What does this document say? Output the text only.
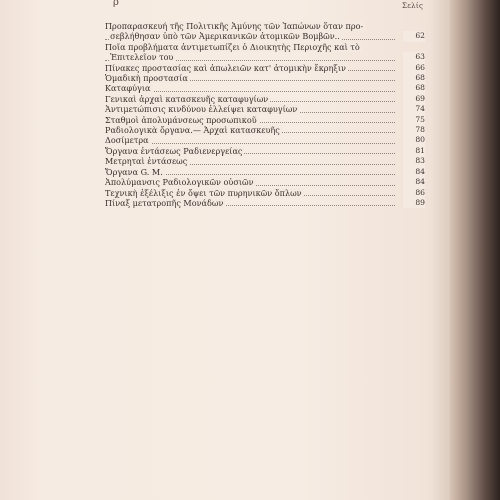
ρ	Σελίς
Προπαρασκευή τῆς Πολιτικῆς Ἀμύνης τῶν Ἰαπώνων ὅταν προ-
σεβλήθησαν ὑπὸ τῶν Ἀμερικανικῶν ἀτομικῶν Βομβῶν..	62
Ποῖα προβλήματα ἀντιμετωπίζει ὁ Διοικητὴς Περιοχῆς καὶ τὸ
Ἐπιτελεῖον του	63
Πίνακες προστασίας καὶ ἀπωλειῶν κατ' ἀτομικὴν ἔκρηξιν	66
Ὁμαδικὴ προστασία	68
Καταφύγια	68
Γενικαὶ ἀρχαὶ κατασκευῆς καταφυγίων	69
Ἀντιμετώπισις κινδύνου ἐλλείψει καταφυγίων	74
Σταθμοὶ ἀπολυμάνσεως προσωπικοῦ	75
Ραδιολογικὰ ὄργανα.— Ἀρχαὶ κατασκευῆς	78
Δοσίμετρα	80
Ὄργανα ἐντάσεως Ραδιενεργείας	81
Μετρηταὶ ἐντάσεως	83
Ὄργανα G. M.	84
Ἀπολύμανσις Ραδιολογικῶν οὐσιῶν	84
Τεχνικὴ ἐξέλιξις ἐν ὄψει τῶν πυρηνικῶν ὅπλων	86
Πίναξ μετατροπῆς Μονάδων	89
